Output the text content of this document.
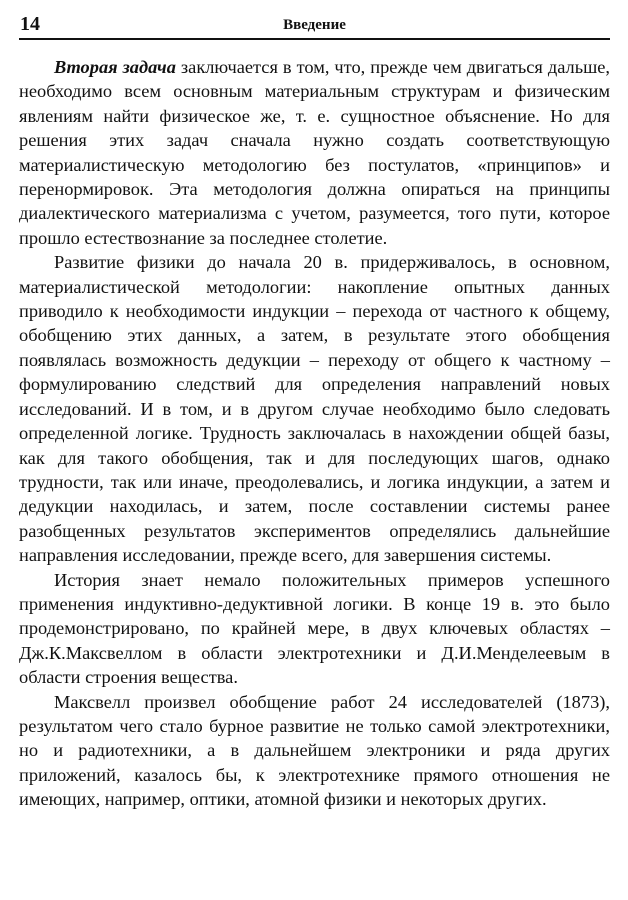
14	Введение

Вторая задача заключается в том, что, прежде чем двигаться дальше, необходимо всем основным материальным структурам и физическим явлениям найти физическое же, т. е. сущностное объяснение. Но для решения этих задач сначала нужно создать соответствующую материалистическую методологию без постулатов, «принципов» и перенормировок. Эта методология должна опираться на принципы диалектического материализма с учетом, разумеется, того пути, которое прошло естествознание за последнее столетие.

Развитие физики до начала 20 в. придерживалось, в основном, материалистической методологии: накопление опытных данных приводило к необходимости индукции – перехода от частного к общему, обобщению этих данных, а затем, в результате этого обобщения появлялась возможность дедукции – переходу от общего к частному – формулированию следствий для определения направлений новых исследований. И в том, и в другом случае необходимо было следовать определенной логике. Трудность заключалась в нахождении общей базы, как для такого обобщения, так и для последующих шагов, однако трудности, так или иначе, преодолевались, и логика индукции, а затем и дедукции находилась, и затем, после составлении системы ранее разобщенных результатов экспериментов определялись дальнейшие направления исследовании, прежде всего, для завершения системы.

История знает немало положительных примеров успешного применения индуктивно-дедуктивной логики. В конце 19 в. это было продемонстрировано, по крайней мере, в двух ключевых областях – Дж.К.Максвеллом в области электротехники и Д.И.Менделеевым в области строения вещества.

Максвелл произвел обобщение работ 24 исследователей (1873), результатом чего стало бурное развитие не только самой электротехники, но и радиотехники, а в дальнейшем электроники и ряда других приложений, казалось бы, к электротехнике прямого отношения не имеющих, например, оптики, атомной физики и некоторых других.
